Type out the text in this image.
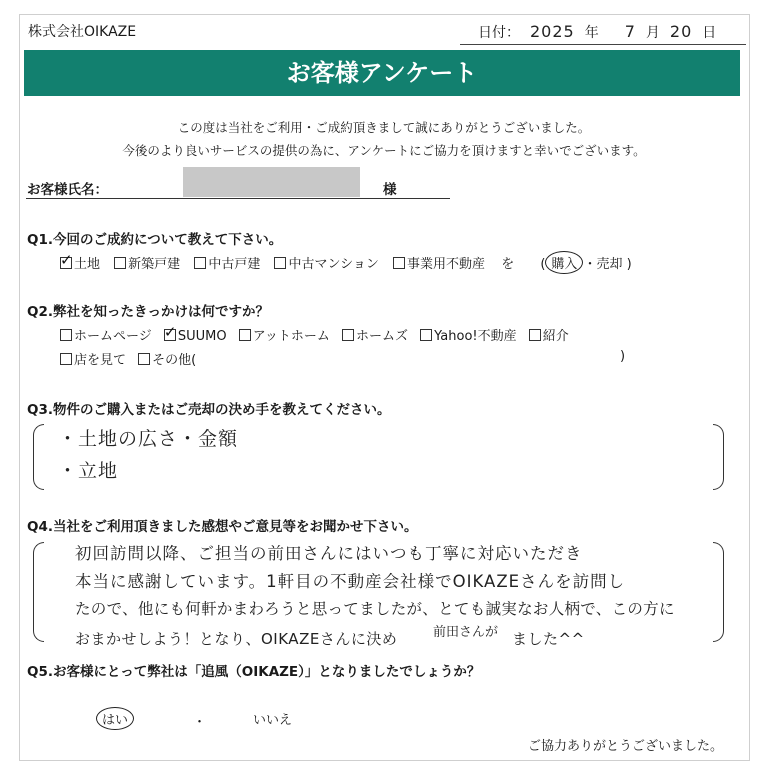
株式会社OIKAZE	日付： 2025 年 7 月 20 日
お客様アンケート
この度は当社をご利用・ご成約頂きまして誠にありがとうございました。
今後のより良いサービスの提供の為に、アンケートにご協力を頂けますと幸いでございます。
お客様氏名：	様
Q1.今回のご成約について教えて下さい。
✓土地 新築戸建 中古戸建 中古マンション 事業用不動産 を ( 購入 ・売却 )
Q2.弊社を知ったきっかけは何ですか？
ホームページ ✓ SUUMO アットホーム ホームズ Yahoo!不動産 紹介
店を見て その他(	)
Q3.物件のご購入またはご売却の決め手を教えてください。
・土地の広さ・金額
・立地
Q4.当社をご利用頂きました感想やご意見等をお聞かせ下さい。
初回訪問以降、ご担当の前田さんにはいつも丁寧に対応いただき
本当に感謝しています。1軒目の不動産会社様でOIKAZEさんを訪問し
たので、他にも何軒かまわろうと思ってましたが、とても誠実なお人柄で、この方に
おまかせしよう！となり、OIKAZEさんに決め	前田さんが ました^^
Q5.お客様にとって弊社は「追風（OIKAZE）」となりましたでしょうか？
はい	・	いいえ
ご協力ありがとうございました。
